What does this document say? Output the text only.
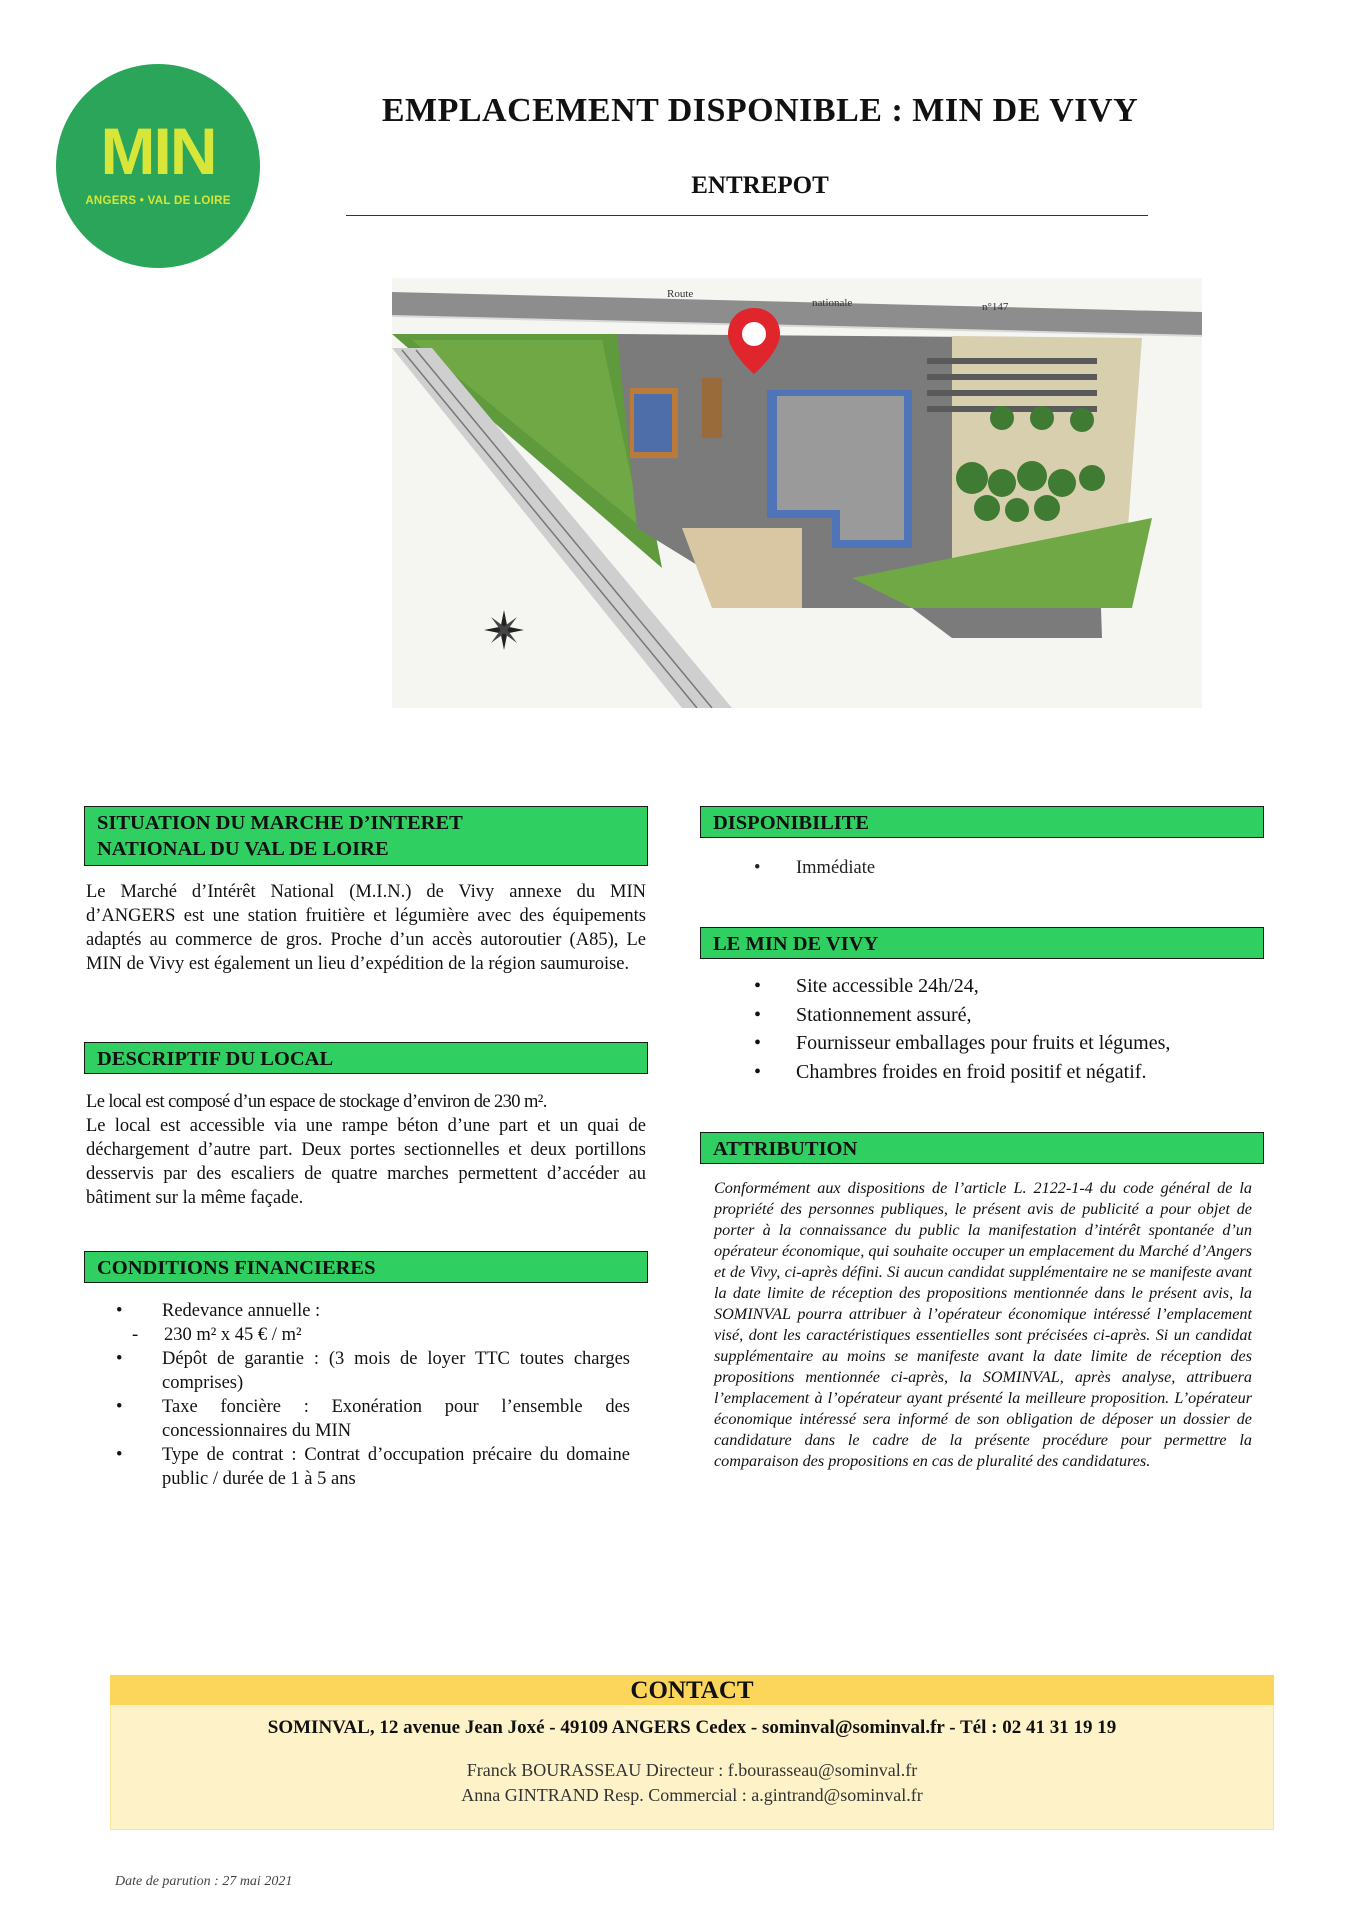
MIN
ANGERS • VAL DE LOIRE
EMPLACEMENT DISPONIBLE : MIN DE VIVY
ENTREPOT
Route
nationale	n°147
SITUATION DU MARCHE D’INTERET
NATIONAL DU VAL DE LOIRE
Le Marché d’Intérêt National (M.I.N.) de Vivy annexe du MIN d’ANGERS est une station fruitière et légumière avec des équipements adaptés au commerce de gros. Proche d’un accès autoroutier (A85), Le MIN de Vivy est également un lieu d’expédition de la région saumuroise.
DESCRIPTIF DU LOCAL

Le local est composé d’un espace de stockage d’environ de 230 m².

Le local est accessible via une rampe béton d’une part et un quai de déchargement d’autre part. Deux portes sectionnelles et deux portillons desservis par des escaliers de quatre marches permettent d’accéder au bâtiment sur la même façade.

CONDITIONS FINANCIERES
• Redevance annuelle :
- 230 m² x 45 € / m²
• Dépôt de garantie : (3 mois de loyer TTC toutes charges comprises)
• Taxe foncière : Exonération pour l’ensemble des concessionnaires du MIN
• Type de contrat : Contrat d’occupation précaire du domaine public / durée de 1 à 5 ans
DISPONIBILITE
• Immédiate
LE MIN DE VIVY
• Site accessible 24h/24,
• Stationnement assuré,
• Fournisseur emballages pour fruits et légumes,
• Chambres froides en froid positif et négatif.
ATTRIBUTION
Conformément aux dispositions de l’article L. 2122-1-4 du code général de la propriété des personnes publiques, le présent avis de publicité a pour objet de porter à la connaissance du public la manifestation d’intérêt spontanée d’un opérateur économique, qui souhaite occuper un emplacement du Marché d’Angers et de Vivy, ci-après défini. Si aucun candidat supplémentaire ne se manifeste avant la date limite de réception des propositions mentionnée dans le présent avis, la SOMINVAL pourra attribuer à l’opérateur économique intéressé l’emplacement visé, dont les caractéristiques essentielles sont précisées ci-après. Si un candidat supplémentaire au moins se manifeste avant la date limite de réception des propositions mentionnée ci-après, la SOMINVAL, après analyse, attribuera l’emplacement à l’opérateur ayant présenté la meilleure proposition. L’opérateur économique intéressé sera informé de son obligation de déposer un dossier de candidature dans le cadre de la présente procédure pour permettre la comparaison des propositions en cas de pluralité des candidatures.
CONTACT
SOMINVAL, 12 avenue Jean Joxé - 49109 ANGERS Cedex - sominval@sominval.fr - Tél : 02 41 31 19 19
Franck BOURASSEAU Directeur : f.bourasseau@sominval.fr
Anna GINTRAND Resp. Commercial : a.gintrand@sominval.fr
Date de parution : 27 mai 2021
